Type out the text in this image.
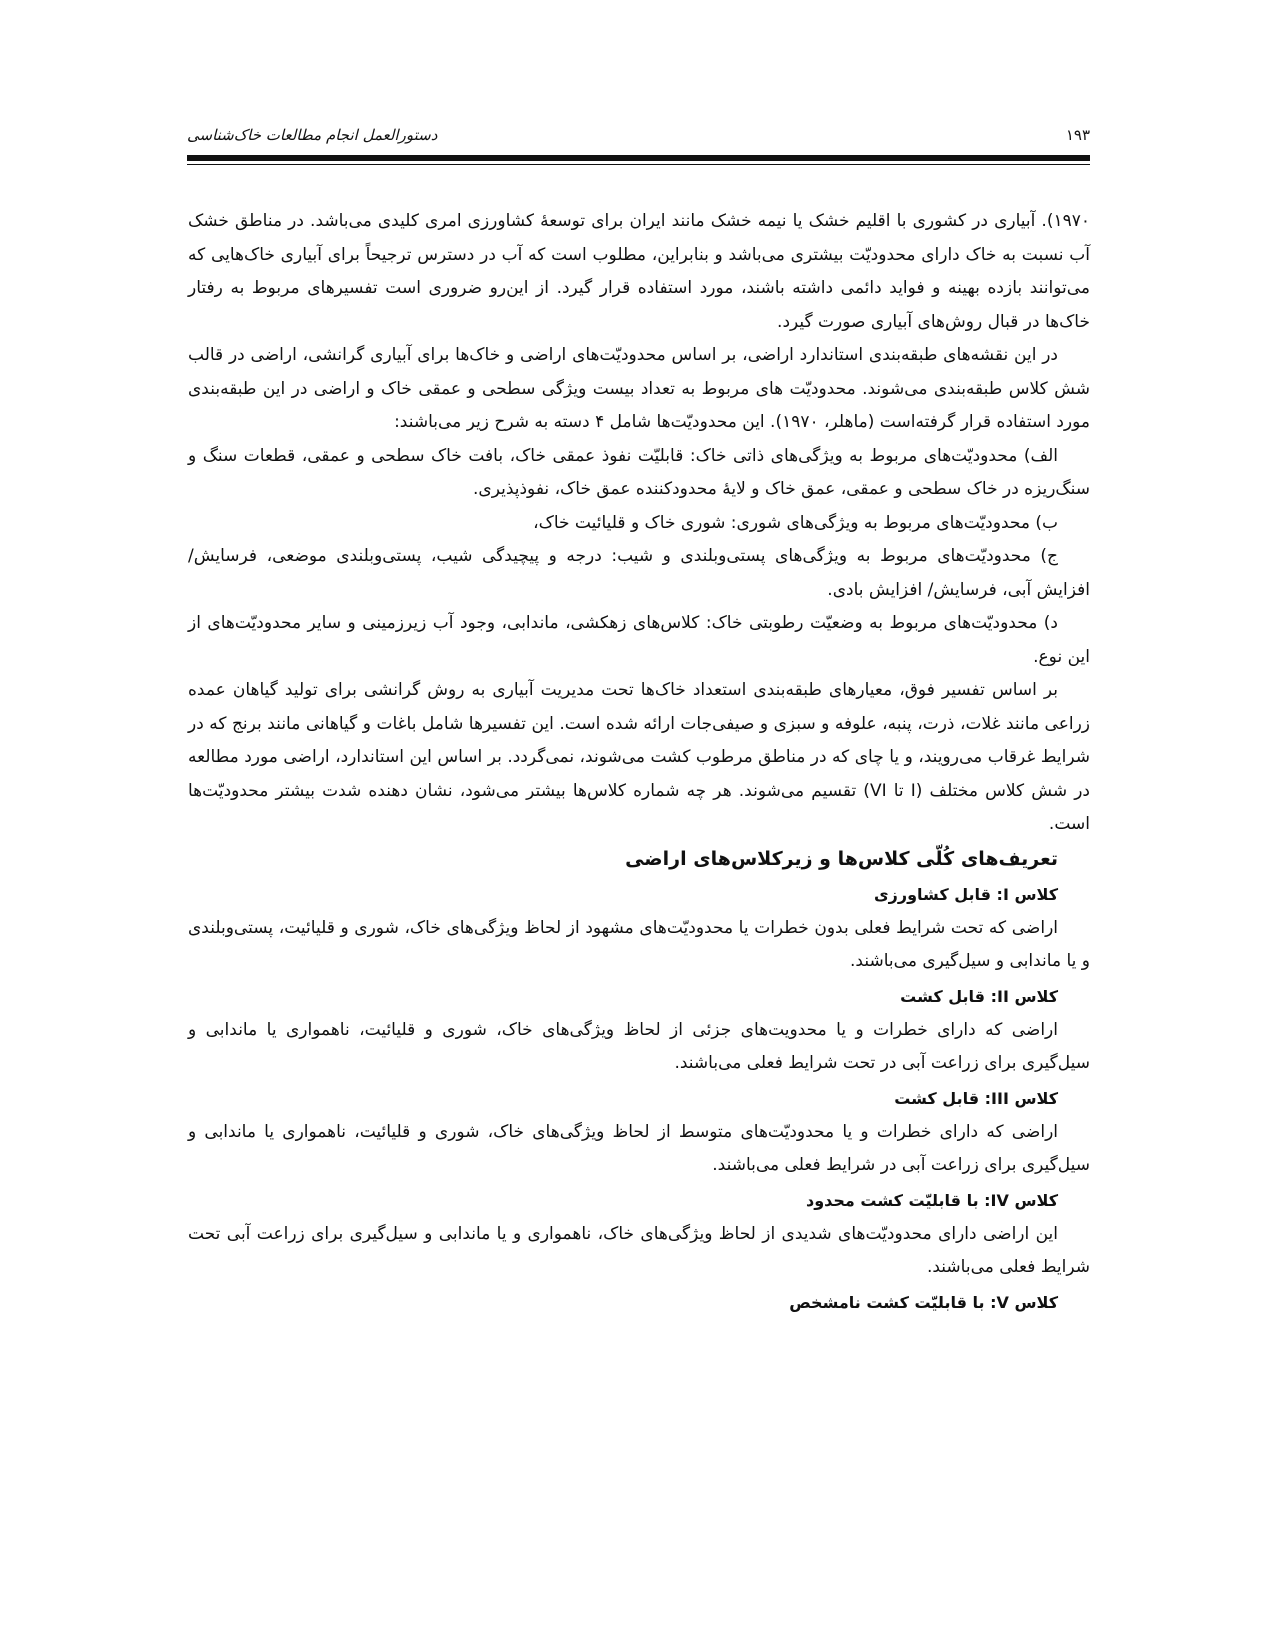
دستورالعمل انجام مطالعات خاک‌شناسی	۱۹۳

۱۹۷۰). آبیاری در کشوری با اقلیم خشک یا نیمه خشک مانند ایران برای توسعهٔ کشاورزی امری کلیدی می‌باشد. در مناطق خشک آب نسبت به خاک دارای محدودیّت بیشتری می‌باشد و بنابراین، مطلوب است که آب در دسترس ترجیحاً برای آبیاری خاک‌هایی که می‌توانند بازده بهینه و فواید دائمی داشته باشند، مورد استفاده قرار گیرد. از این‌رو ضروری است تفسیرهای مربوط به رفتار خاک‌ها در قبال روش‌های آبیاری صورت گیرد.

در این نقشه‌های طبقه‌بندی استاندارد اراضی، بر اساس محدودیّت‌های اراضی و خاک‌ها برای آبیاری گرانشی، اراضی در قالب شش کلاس طبقه‌بندی می‌شوند. محدودیّت های مربوط به تعداد بیست ویژگی سطحی و عمقی خاک و اراضی در این طبقه‌بندی مورد استفاده قرار گرفته‌است (ماهلر، ۱۹۷۰). این محدودیّت‌ها شامل ۴ دسته به شرح زیر می‌باشند:

الف) محدودیّت‌های مربوط به ویژگی‌های ذاتی خاک: قابلیّت نفوذ عمقی خاک، بافت خاک سطحی و عمقی، قطعات سنگ و سنگ‌ریزه در خاک سطحی و عمقی، عمق خاک و لایهٔ محدودکننده عمق خاک، نفوذپذیری.

ب) محدودیّت‌های مربوط به ویژگی‌های شوری: شوری خاک و قلیائیت خاک،

ج) محدودیّت‌های مربوط به ویژگی‌های پستی‌وبلندی و شیب: درجه و پیچیدگی شیب، پستی‌وبلندی موضعی، فرسایش/ افزایش آبی، فرسایش/ افزایش بادی.

د) محدودیّت‌های مربوط به وضعیّت رطوبتی خاک: کلاس‌های زهکشی، ماندابی، وجود آب زیرزمینی و سایر محدودیّت‌های از این نوع.

بر اساس تفسیر فوق، معیارهای طبقه‌بندی استعداد خاک‌ها تحت مدیریت آبیاری به روش گرانشی برای تولید گیاهان عمده زراعی مانند غلات، ذرت، پنبه، علوفه و سبزی و صیفی‌جات ارائه شده است. این تفسیرها شامل باغات و گیاهانی مانند برنج که در شرایط غرقاب می‌رویند، و یا چای که در مناطق مرطوب کشت می‌شوند، نمی‌گردد. بر اساس این استاندارد، اراضی مورد مطالعه در شش کلاس مختلف (I تا VI) تقسیم می‌شوند. هر چه شماره کلاس‌ها بیشتر می‌شود، نشان دهنده شدت بیشتر محدودیّت‌ها است.

تعریف‌های کُلّی کلاس‌ها و زیرکلاس‌های اراضی
کلاس I: قابل کشاورزی

اراضی که تحت شرایط فعلی بدون خطرات یا محدودیّت‌های مشهود از لحاظ ویژگی‌های خاک، شوری و قلیائیت، پستی‌وبلندی و یا ماندابی و سیل‌گیری می‌باشند.

کلاس II: قابل کشت

اراضی که دارای خطرات و یا محدویت‌های جزئی از لحاظ ویژگی‌های خاک، شوری و قلیائیت، ناهمواری یا ماندابی و سیل‌گیری برای زراعت آبی در تحت شرایط فعلی می‌باشند.

کلاس III: قابل کشت

اراضی که دارای خطرات و یا محدودیّت‌های متوسط از لحاظ ویژگی‌های خاک، شوری و قلیائیت، ناهمواری یا ماندابی و سیل‌گیری برای زراعت آبی در شرایط فعلی می‌باشند.

کلاس IV: با قابلیّت کشت محدود

این اراضی دارای محدودیّت‌های شدیدی از لحاظ ویژگی‌های خاک، ناهمواری و یا ماندابی و سیل‌گیری برای زراعت آبی تحت شرایط فعلی می‌باشند.

کلاس V: با قابلیّت کشت نامشخص
